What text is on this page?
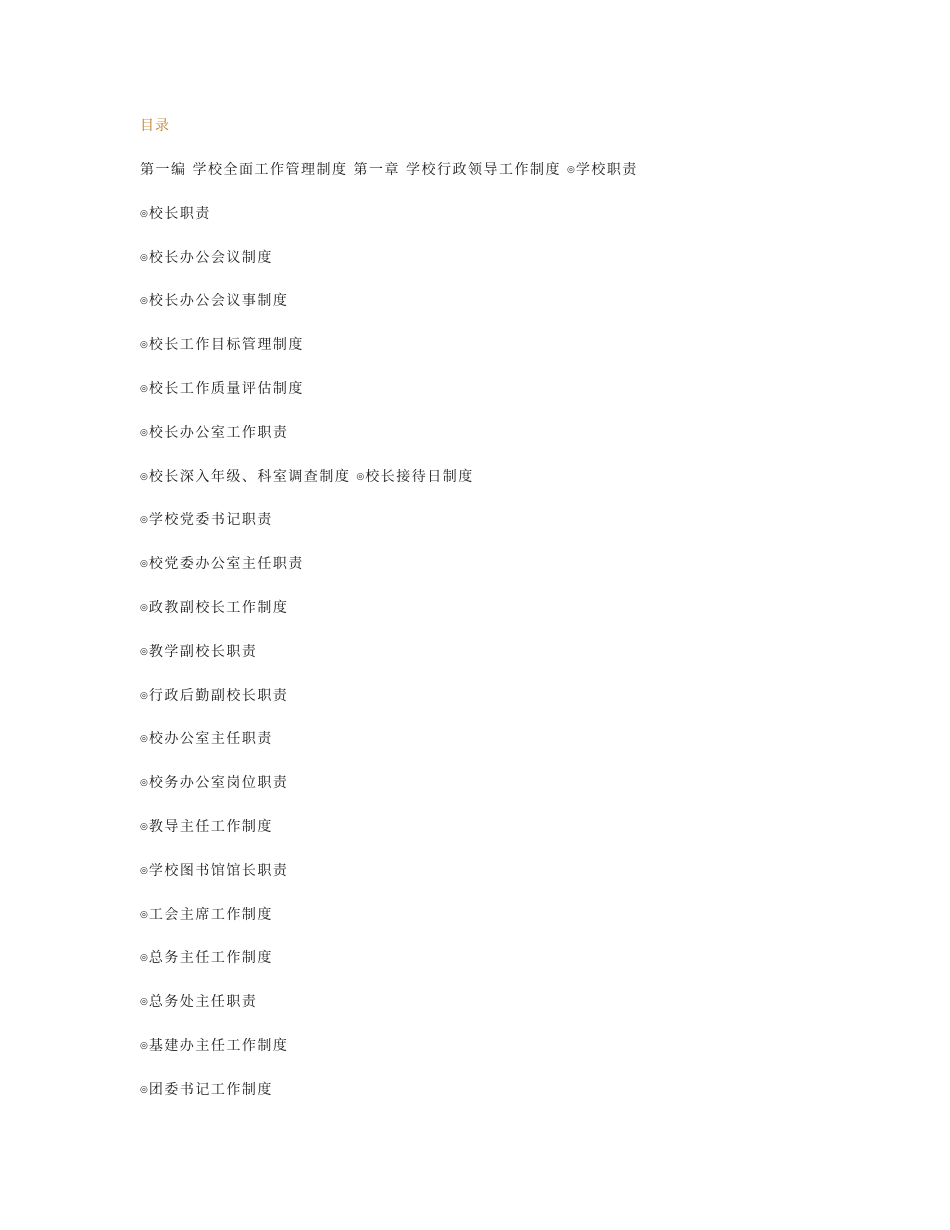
目录
第一编 学校全面工作管理制度 第一章 学校行政领导工作制度 ◎学校职责
◎校长职责
◎校长办公会议制度
◎校长办公会议事制度
◎校长工作目标管理制度
◎校长工作质量评估制度
◎校长办公室工作职责
◎校长深入年级、科室调查制度 ◎校长接待日制度
◎学校党委书记职责
◎校党委办公室主任职责
◎政教副校长工作制度
◎教学副校长职责
◎行政后勤副校长职责
◎校办公室主任职责
◎校务办公室岗位职责
◎教导主任工作制度
◎学校图书馆馆长职责
◎工会主席工作制度
◎总务主任工作制度
◎总务处主任职责
◎基建办主任工作制度
◎团委书记工作制度
